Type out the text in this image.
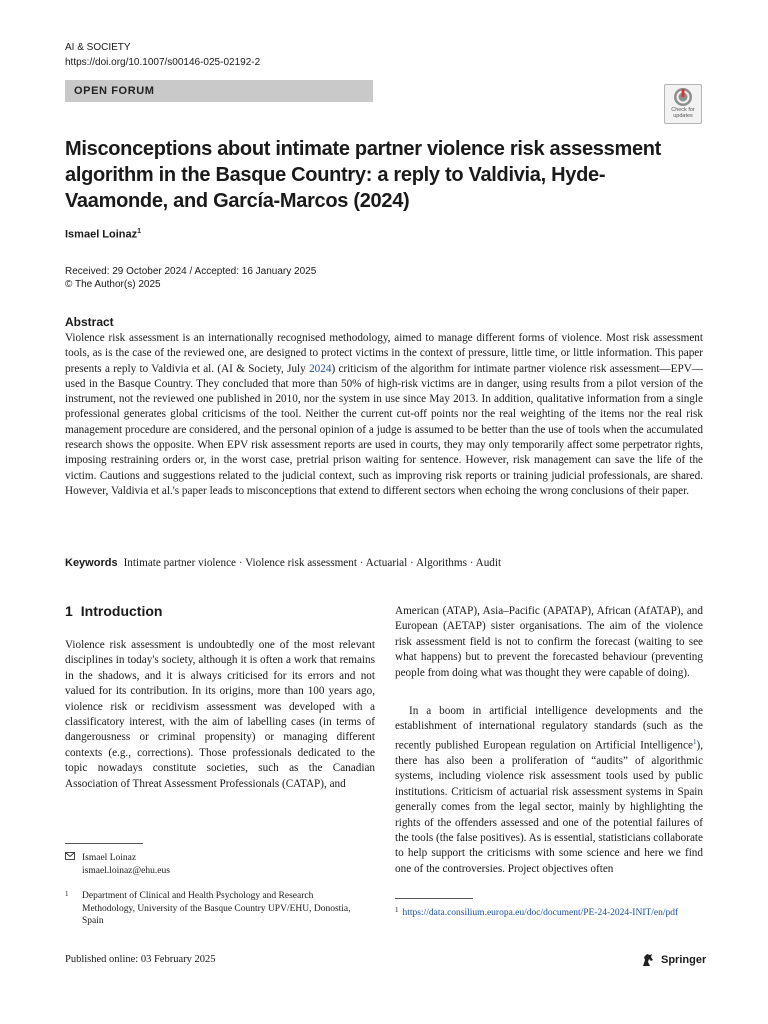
AI & SOCIETY
https://doi.org/10.1007/s00146-025-02192-2
OPEN FORUM
Check for
updates
Misconceptions about intimate partner violence risk assessment algorithm in the Basque Country: a reply to Valdivia, Hyde-Vaamonde, and García-Marcos (2024)
Ismael Loinaz$^1$
Received: 29 October 2024 / Accepted: 16 January 2025
© The Author(s) 2025
Abstract

Violence risk assessment is an internationally recognised methodology, aimed to manage different forms of violence. Most risk assessment tools, as is the case of the reviewed one, are designed to protect victims in the context of pressure, little time, or little information. This paper presents a reply to Valdivia et al. (AI & Society, July 2024) criticism of the algorithm for intimate partner violence risk assessment—EPV—used in the Basque Country. They concluded that more than 50% of high-risk victims are in danger, using results from a pilot version of the instrument, not the reviewed one published in 2010, nor the system in use since May 2013. In addition, qualitative information from a single professional generates global criticisms of the tool. Neither the current cut-off points nor the real weighting of the items nor the real risk management procedure are considered, and the personal opinion of a judge is assumed to be better than the use of tools when the accumulated research shows the opposite. When EPV risk assessment reports are used in courts, they may only temporarily affect some perpetrator rights, imposing restraining orders or, in the worst case, pretrial prison waiting for sentence. However, risk management can save the life of the victim. Cautions and suggestions related to the judicial context, such as improving risk reports or training judicial professionals, are shared. However, Valdivia et al.'s paper leads to misconceptions that extend to different sectors when echoing the wrong conclusions of their paper.

Keywords Intimate partner violence · Violence risk assessment · Actuarial · Algorithms · Audit
1 Introduction

Violence risk assessment is undoubtedly one of the most relevant disciplines in today's society, although it is often a work that remains in the shadows, and it is always criticised for its errors and not valued for its contribution. In its origins, more than 100 years ago, violence risk or recidivism assessment was developed with a classificatory interest, with the aim of labelling cases (in terms of dangerousness or criminal propensity) or managing different contexts (e.g., corrections). Those professionals dedicated to the topic nowadays constitute societies, such as the Canadian Association of Threat Assessment Professionals (CATAP), and

American (ATAP), Asia–Pacific (APATAP), African (AfATAP), and European (AETAP) sister organisations. The aim of the violence risk assessment field is not to confirm the forecast (waiting to see what happens) but to prevent the forecasted behaviour (preventing people from doing what was thought they were capable of doing).

In a boom in artificial intelligence developments and the establishment of international regulatory standards (such as the recently published European regulation on Artificial Intelligence$^1$), there has also been a proliferation of “audits” of algorithmic systems, including violence risk assessment tools used by public institutions. Criticism of actuarial risk assessment systems in Spain generally comes from the legal sector, mainly by highlighting the rights of the offenders assessed and one of the potential failures of the tools (the false positives). As is essential, statisticians collaborate to help support the criticisms with some science and here we find one of the controversies. Project objectives often

Ismael Loinaz
ismael.loinaz@ehu.eus
1	Department of Clinical and Health Psychology and Research Methodology, University of the Basque Country UPV/EHU, Donostia, Spain
$^1$ https://data.consilium.europa.eu/doc/document/PE-24-2024-INIT/en/pdf
Published online: 03 February 2025	Springer
